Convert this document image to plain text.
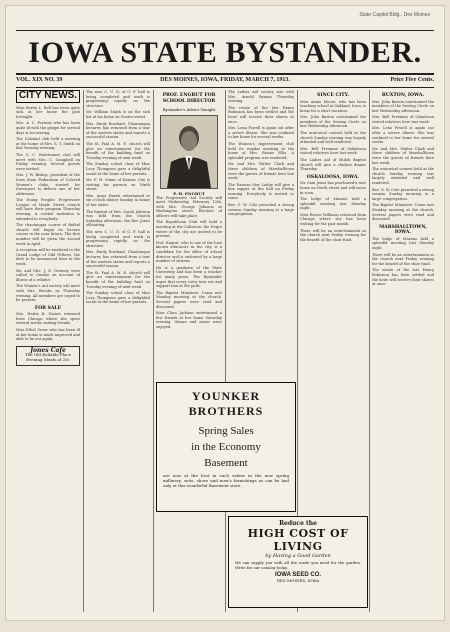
State Capitol Bldg., Des Moines
IOWA STATE BYSTANDER.
VOL. XIX NO. 39	DES MOINES, IOWA, FRIDAY, MARCH 7, 1913.	Price Five Cents.
CITY NEWS.
Miss Bertie L. Bell has been quite sick at her home the past fortnight.
Mrs. A. C. Fortune who has been quite ill with the grippe for several days is recovering.
The Colonial club held a meeting at the home of Mrs. S. T. Smith on last Tuesday evening.
The G. C. Entertainer club will meet with Mrs. C. Campbell on Friday evening. Several guests were invited.
Mrs. J. W. Bishop, president of the Iowa State Federation of Colored Women's clubs, started for Davenport to deliver one of her addresses.
The Young Peoples Progressive League of Maple Street church will have their program Thursday evening. A cordial invitation is extended to everybody.
The chautauqua course of Bethel church will begin its lecture course in the near future. The first number will be given the second week in April.
A reception will be tendered to the Grand Lodge of Odd Fellows, the date to be announced later in the week.
Mr. and Mrs. J. E. Downey were called to Omaha on account of illness of a relative.
The Women's Aid society will meet with Mrs. Brooks on Thursday evening. All members are urged to be present.
FOR SALE
Mrs. Hattie B. Gaines returned from Chicago where she spent several weeks visiting friends.
Miss Ethel Greer who has been ill at her home is much improved and able to be out again.
Jones Cafe
The Old Reliable Place
Evening Meals at 25c
The new C. U. O. of G. F. hall is being completed and work is progressing rapidly on the structure.
Mr. William Smith is on the sick list at his home on Center street.
Mrs. Emily Rowland, Chautauqua lecturer, has returned from a tour of the eastern states and reports a successful season.
The St. Paul A. M. E. church will give an entertainment for the benefit of the building fund on Tuesday evening of next week.
The Sunday school class of Miss Lucy Thompson gave a delightful social at the home of her parents.
Mr. F. H. Mann of Kansas City is visiting his parents on Ninth street.
Mrs. Anna Harris entertained at six o'clock dinner Sunday in honor of her sister.
The funeral of Mrs. Sarah Johnson was held from the church Saturday afternoon, the Rev. Jones officiating.
The new C. U. O. of G. F. hall is being completed and work is progressing rapidly on the structure.
Mrs. Emily Rowland, Chautauqua lecturer, has returned from a tour of the eastern states and reports a successful season.
The St. Paul A. M. E. church will give an entertainment for the benefit of the building fund on Tuesday evening of next week.
The Sunday school class of Miss Lucy Thompson gave a delightful social at the home of her parents.
PROF. ENGRUT FOR SCHOOL DIRECTOR
Bystander's Advice Tonight
P. H. ENGRUT
The Progressive Aid Society will meet Wednesday, February 12th, with Mrs. George Johnson at Washington street. Election of officers will take place.
The Republican Club will hold a meeting at the Coliseum, the Negro voters of the city are invited to be present.
Prof. Engrut, who is one of the best known educators in the city, is a candidate for the office of school director and is endorsed by a large number of citizens.
He is a graduate of the State University and has been a teacher for many years. The Bystander urges that every voter turn out and support him at the polls.
The Baptist Ministers' Union met Monday morning at the church. Several papers were read and discussed.
Miss Clara Jackson entertained a few friends at her home Saturday evening. Games and music were enjoyed.
The Ladies Aid society met with Mrs. Arnold Bynum Thursday evening.
The estate of the late Henry Robinson has been settled and the heirs will receive their shares at once.
Mrs. Lena Powell is again out after a severe illness. She was confined to her home for several weeks.
The Women's Improvement club held its regular meeting at the home of Mrs. Fannie Ellis. A splendid program was rendered.
Mr. and Mrs. Walter Clark and three children of Marshalltown were the guests of friends here last week.
The Eastern Star Lodge will give a box supper at the hall on Friday evening. Everybody is invited to come.
Rev. G. W. Cole preached a strong sermon Sunday morning to a large congregation.
SINCE CITY.
Miss Annie Moore, who has been teaching school at Oakland, Iowa, is home for a short vacation.
Mrs. John Barton entertained the members of the Sewing Circle on last Wednesday afternoon.
The oratorical contest held at the church Sunday evening was largely attended and well rendered.
Mrs. Bell Freeman of Oskaloosa visited relatives here last week.
The Ladies Aid of Shiloh Baptist church will give a chicken dinner Thursday.
OSKALOOSA, IOWA.
Mr. Sam Jones has purchased a new home on North street and will move in soon.
The lodge of Masons held a splendid meeting last Monday night.
Miss Bessie Williams returned from Chicago where she has been visiting for the past month.
There will be an entertainment at the church next Friday evening for the benefit of the choir fund.
BUXTON, IOWA.
Mrs. John Barton entertained the members of the Sewing Circle on last Wednesday afternoon.
Mrs. Bell Freeman of Oskaloosa visited relatives here last week.
Mrs. Lena Powell is again out after a severe illness. She was confined to her home for several weeks.
Mr. and Mrs. Walter Clark and three children of Marshalltown were the guests of friends here last week.
The oratorical contest held at the church Sunday evening was largely attended and well rendered.
Rev. G. W. Cole preached a strong sermon Sunday morning to a large congregation.
The Baptist Ministers' Union met Monday morning at the church. Several papers were read and discussed.
MARSHALLTOWN, IOWA.
The lodge of Masons held a splendid meeting last Monday night.
There will be an entertainment at the church next Friday evening for the benefit of the choir fund.
The estate of the late Henry Robinson has been settled and the heirs will receive their shares at once.
YOUNKER BROTHERS
Spring Sales
in the Economy
Basement
are now at the best in such values in the new spring millinery, suits, shoes and men's furnishings as can be had only at this wonderful Basement store.
Reduce the
HIGH COST OF LIVING
by Having a Good Garden
We can supply you with all the seeds you need for the garden. Write for our catalog today.
IOWA SEED CO.
DES MOINES, IOWA
